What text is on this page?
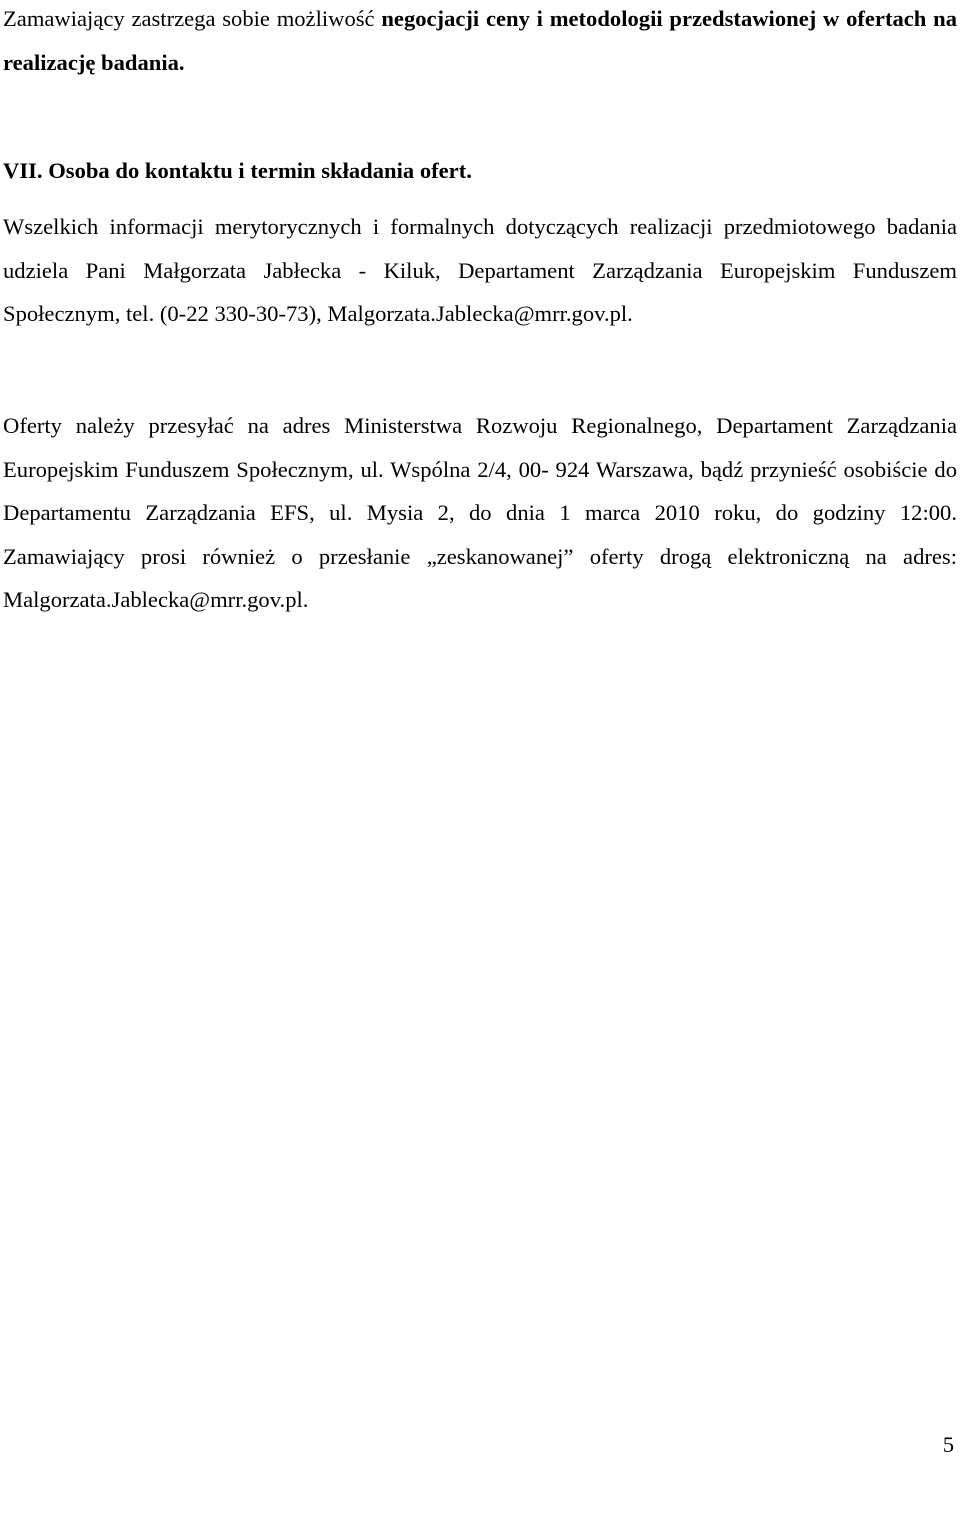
Zamawiający zastrzega sobie możliwość negocjacji ceny i metodologii przedstawionej w ofertach na realizację badania.

VII. Osoba do kontaktu i termin składania ofert.

Wszelkich informacji merytorycznych i formalnych dotyczących realizacji przedmiotowego badania udziela Pani Małgorzata Jabłecka - Kiluk, Departament Zarządzania Europejskim Funduszem Społecznym, tel. (0-22 330-30-73), Malgorzata.Jablecka@mrr.gov.pl.

Oferty należy przesyłać na adres Ministerstwa Rozwoju Regionalnego, Departament Zarządzania Europejskim Funduszem Społecznym, ul. Wspólna 2/4, 00- 924 Warszawa, bądź przynieść osobiście do Departamentu Zarządzania EFS, ul. Mysia 2, do dnia 1 marca 2010 roku, do godziny 12:00. Zamawiający prosi również o przesłanie „zeskanowanej” oferty drogą elektroniczną na adres: Malgorzata.Jablecka@mrr.gov.pl.

5
